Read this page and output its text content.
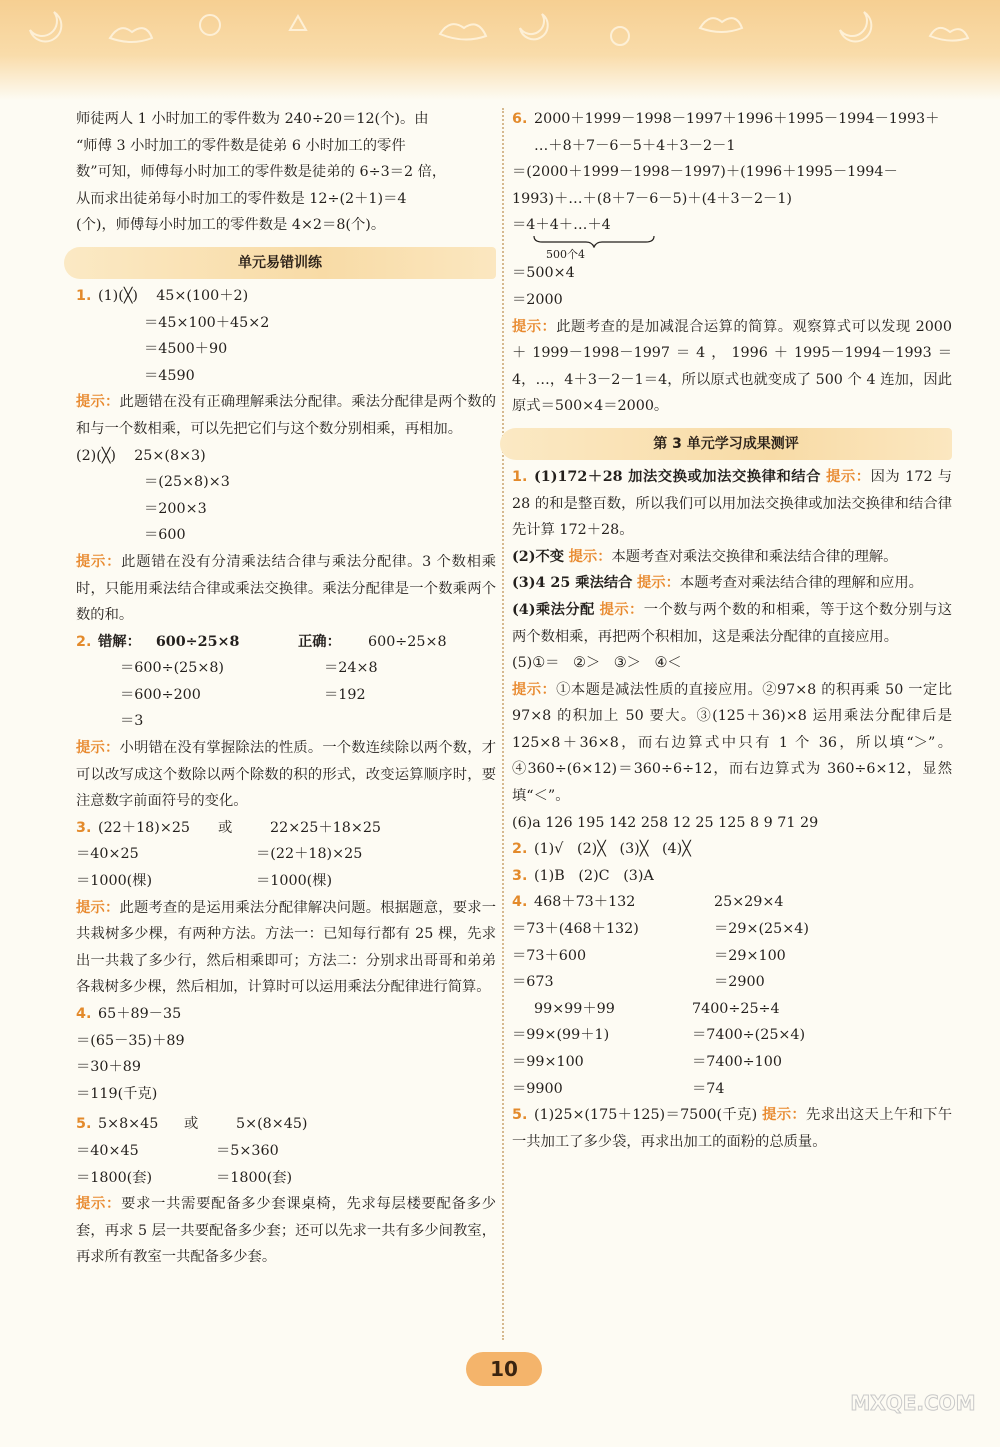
师徒两人 1 小时加工的零件数为 240÷20＝12(个)。由
“师傅 3 小时加工的零件数是徒弟 6 小时加工的零件
数”可知，师傅每小时加工的零件数是徒弟的 6÷3＝2 倍，
从而求出徒弟每小时加工的零件数是 12÷(2＋1)＝4
(个)，师傅每小时加工的零件数是 4×2＝8(个)。
单元易错训练
1. (1)(╳)    45×(100＋2)
＝45×100＋45×2
＝4500＋90
＝4590
提示：此题错在没有正确理解乘法分配律。乘法分配律是两个数的和与一个数相乘，可以先把它们与这个数分别相乘，再相加。
(2)(╳)    25×(8×3)
＝(25×8)×3
＝200×3
＝600
提示：此题错在没有分清乘法结合律与乘法分配律。3 个数相乘时，只能用乘法结合律或乘法交换律。乘法分配律是一个数乘两个数的和。
2. 错解： 600÷25×8	正确：	600÷25×8
＝600÷(25×8)	＝24×8
＝600÷200	＝192
＝3
提示：小明错在没有掌握除法的性质。一个数连续除以两个数，才可以改写成这个数除以两个除数的积的形式，改变运算顺序时，要注意数字前面符号的变化。
3. (22＋18)×25	或	22×25＋18×25
＝40×25	＝(22＋18)×25
＝1000(棵)	＝1000(棵)
提示：此题考查的是运用乘法分配律解决问题。根据题意，要求一共栽树多少棵，有两种方法。方法一：已知每行都有 25 棵，先求出一共栽了多少行，然后相乘即可；方法二：分别求出哥哥和弟弟各栽树多少棵，然后相加，计算时可以运用乘法分配律进行简算。
4. 65＋89－35
＝(65－35)＋89
＝30＋89
＝119(千克)
5. 5×8×45	或	5×(8×45)
＝40×45	＝5×360
＝1800(套)	＝1800(套)
提示：要求一共需要配备多少套课桌椅，先求每层楼要配备多少套，再求 5 层一共要配备多少套；还可以先求一共有多少间教室，再求所有教室一共配备多少套。
6. 2000＋1999－1998－1997＋1996＋1995－1994－1993＋
…＋8＋7－6－5＋4＋3－2－1
＝(2000＋1999－1998－1997)＋(1996＋1995－1994－
1993)＋…＋(8＋7－6－5)＋(4＋3－2－1)
＝4＋4＋…＋4
500个4
＝500×4
＝2000
提示：此题考查的是加减混合运算的简算。观察算式可以发现 2000＋1999－1998－1997＝4，1996＋1995－1994－1993＝4，…，4＋3－2－1＝4，所以原式也就变成了 500 个 4 连加，因此原式＝500×4＝2000。
第 3 单元学习成果测评
1. (1)172＋28 加法交换或加法交换律和结合 提示：因为 172 与 28 的和是整百数，所以我们可以用加法交换律或加法交换律和结合律先计算 172＋28。
(2)不变 提示：本题考查对乘法交换律和乘法结合律的理解。
(3)4 25 乘法结合 提示：本题考查对乘法结合律的理解和应用。
(4)乘法分配 提示：一个数与两个数的和相乘，等于这个数分别与这两个数相乘，再把两个积相加，这是乘法分配律的直接应用。
(5)①＝   ②＞   ③＞   ④＜
提示：①本题是减法性质的直接应用。②97×8 的积再乘 50 一定比 97×8 的积加上 50 要大。③(125＋36)×8 运用乘法分配律后是 125×8＋36×8，而右边算式中只有 1 个 36，所以填“＞”。④360÷(6×12)＝360÷6÷12，而右边算式为 360÷6×12，显然填“＜”。
(6)a 126 195 142 258 12 25 125 8 9 71 29
2. (1)√   (2)╳   (3)╳   (4)╳
3. (1)B   (2)C   (3)A
4. 468＋73＋132	25×29×4
＝73＋(468＋132)	＝29×(25×4)
＝73＋600	＝29×100
＝673	＝2900
99×99＋99	7400÷25÷4
＝99×(99＋1)	＝7400÷(25×4)
＝99×100	＝7400÷100
＝9900	＝74
5. (1)25×(175＋125)＝7500(千克) 提示：先求出这天上午和下午一共加工了多少袋，再求出加工的面粉的总质量。
10
MXQE.COM
